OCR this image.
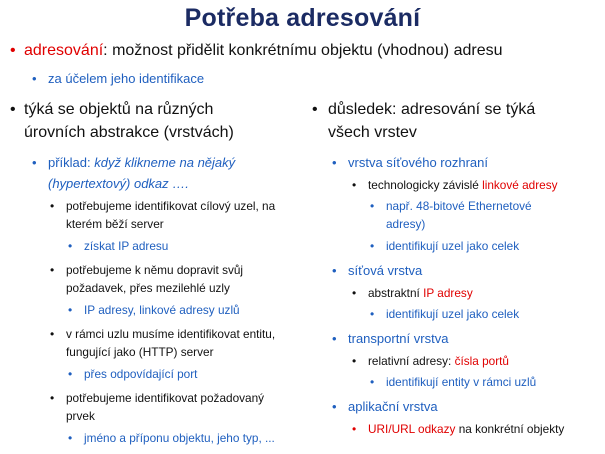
Potřeba adresování
• adresování: možnost přidělit konkrétnímu objektu (vhodnou) adresu
• za účelem jeho identifikace
• týká se objektů na různých
úrovních abstrakce (vrstvách)
• příklad: když klikneme na nějaký
(hypertextový) odkaz ….
• potřebujeme identifikovat cílový uzel, na
kterém běží server
• získat IP adresu
• potřebujeme k němu dopravit svůj
požadavek, přes mezilehlé uzly
• IP adresy, linkové adresy uzlů
• v rámci uzlu musíme identifikovat entitu,
fungující jako (HTTP) server
• přes odpovídající port
• potřebujeme identifikovat požadovaný
prvek
• jméno a příponu objektu, jeho typ, ...
• důsledek: adresování se týká
všech vrstev
• vrstva síťového rozhraní
• technologicky závislé linkové adresy
• např. 48-bitové Ethernetové
adresy)
• identifikují uzel jako celek
• síťová vrstva
• abstraktní IP adresy
• identifikují uzel jako celek
• transportní vrstva
• relativní adresy: čísla portů
• identifikují entity v rámci uzlů
• aplikační vrstva
• URI/URL odkazy na konkrétní objekty
